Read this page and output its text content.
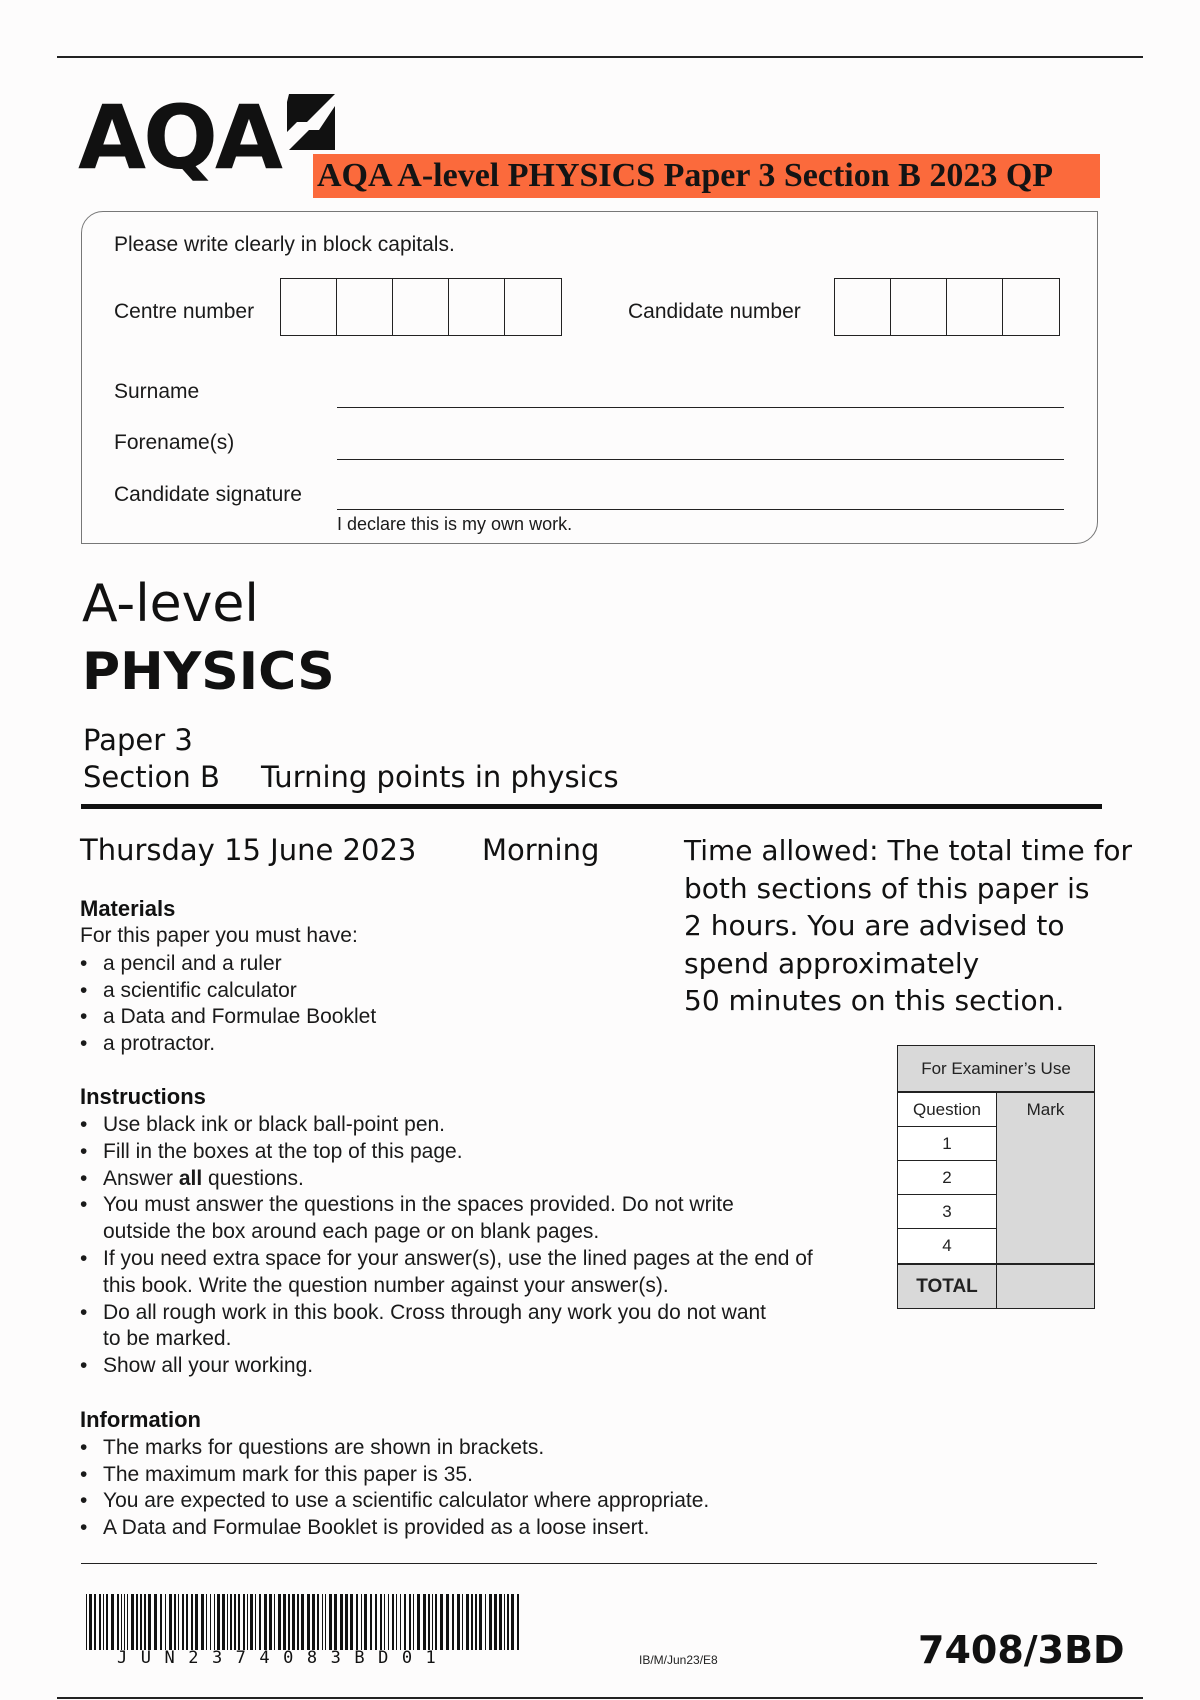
AQA AQA A-level PHYSICS Paper 3 Section B 2023 QP
Please write clearly in block capitals.
Centre number	Candidate number
Surname
Forename(s)
Candidate signature
I declare this is my own work.
A-level
PHYSICS
Paper 3
Section B Turning points in physics
Thursday 15 June 2023 Morning	Time allowed: The total time for
both sections of this paper is
2 hours. You are advised to
spend approximately
50 minutes on this section.
Materials
For this paper you must have:
• a pencil and a ruler
• a scientific calculator
• a Data and Formulae Booklet
• a protractor.
Instructions
• Use black ink or black ball-point pen.
• Fill in the boxes at the top of this page.
• Answer all questions.
• You must answer the questions in the spaces provided. Do not write
outside the box around each page or on blank pages.
• If you need extra space for your answer(s), use the lined pages at the end of
this book. Write the question number against your answer(s).
• Do all rough work in this book. Cross through any work you do not want
to be marked.
• Show all your working.
Information
• The marks for questions are shown in brackets.
• The maximum mark for this paper is 35.
• You are expected to use a scientific calculator where appropriate.
• A Data and Formulae Booklet is provided as a loose insert.
For Examiner’s Use
Question	Mark
1
2
3
4
TOTAL
JUN2374083BD01	IB/M/Jun23/E8	7408/3BD
